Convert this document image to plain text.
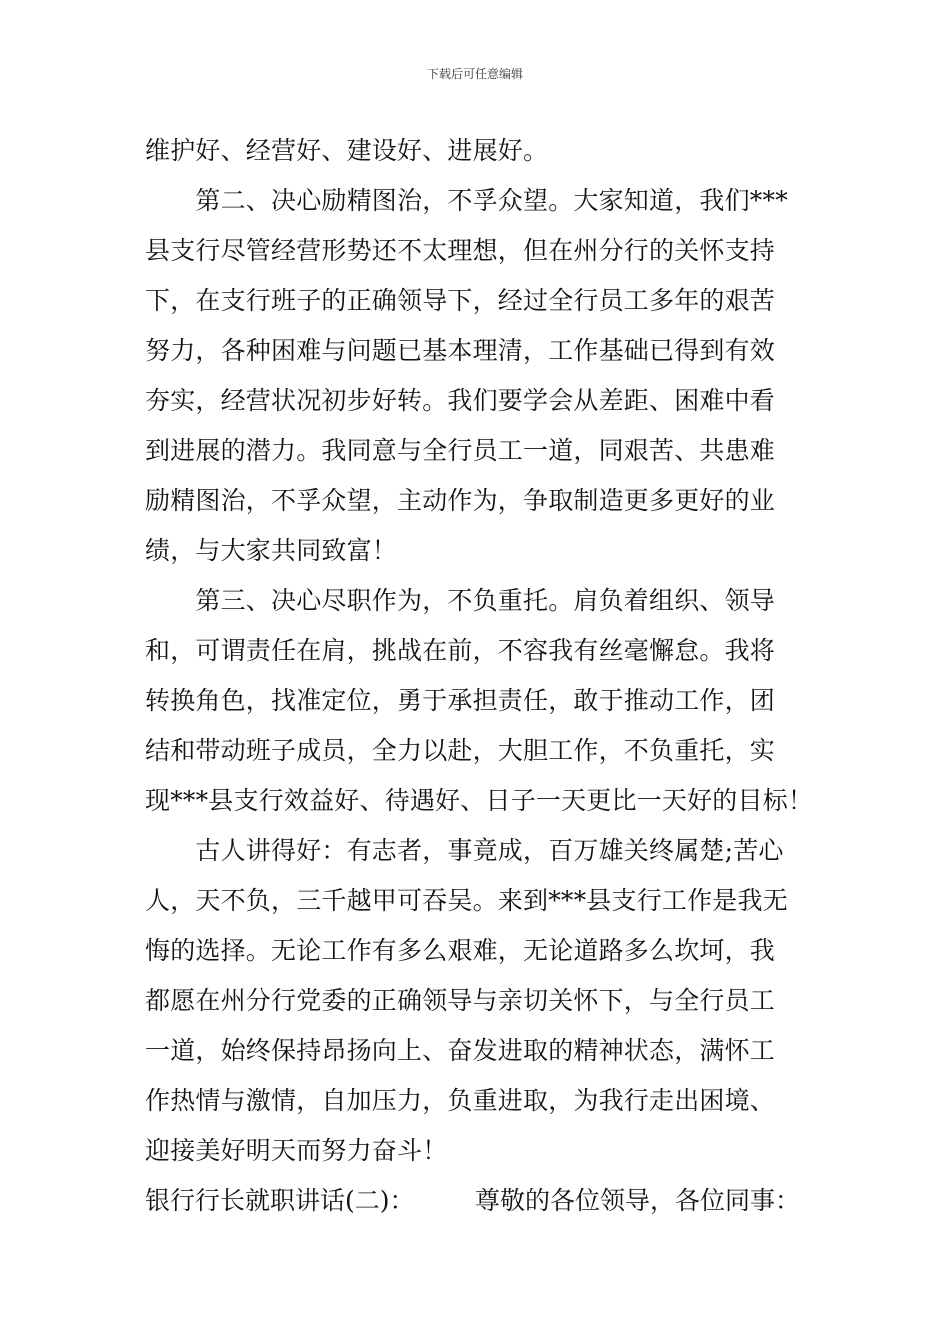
下载后可任意编辑
维护好、经营好、建设好、进展好。
　　第二、决心励精图治，不孚众望。大家知道，我们***
县支行尽管经营形势还不太理想，但在州分行的关怀支持
下，在支行班子的正确领导下，经过全行员工多年的艰苦
努力，各种困难与问题已基本理清，工作基础已得到有效
夯实，经营状况初步好转。我们要学会从差距、困难中看
到进展的潜力。我同意与全行员工一道，同艰苦、共患难
励精图治，不孚众望，主动作为，争取制造更多更好的业
绩，与大家共同致富！
　　第三、决心尽职作为，不负重托。肩负着组织、领导
和，可谓责任在肩，挑战在前，不容我有丝毫懈怠。我将
转换角色，找准定位，勇于承担责任，敢于推动工作，团
结和带动班子成员，全力以赴，大胆工作，不负重托，实
现***县支行效益好、待遇好、日子一天更比一天好的目标！
　　古人讲得好：有志者，事竟成，百万雄关终属楚;苦心
人，天不负，三千越甲可吞吴。来到***县支行工作是我无
悔的选择。无论工作有多么艰难，无论道路多么坎坷，我
都愿在州分行党委的正确领导与亲切关怀下，与全行员工
一道，始终保持昂扬向上、奋发进取的精神状态，满怀工
作热情与激情，自加压力，负重进取，为我行走出困境、
迎接美好明天而努力奋斗！
银行行长就职讲话(二)：	尊敬的各位领导，各位同事：
